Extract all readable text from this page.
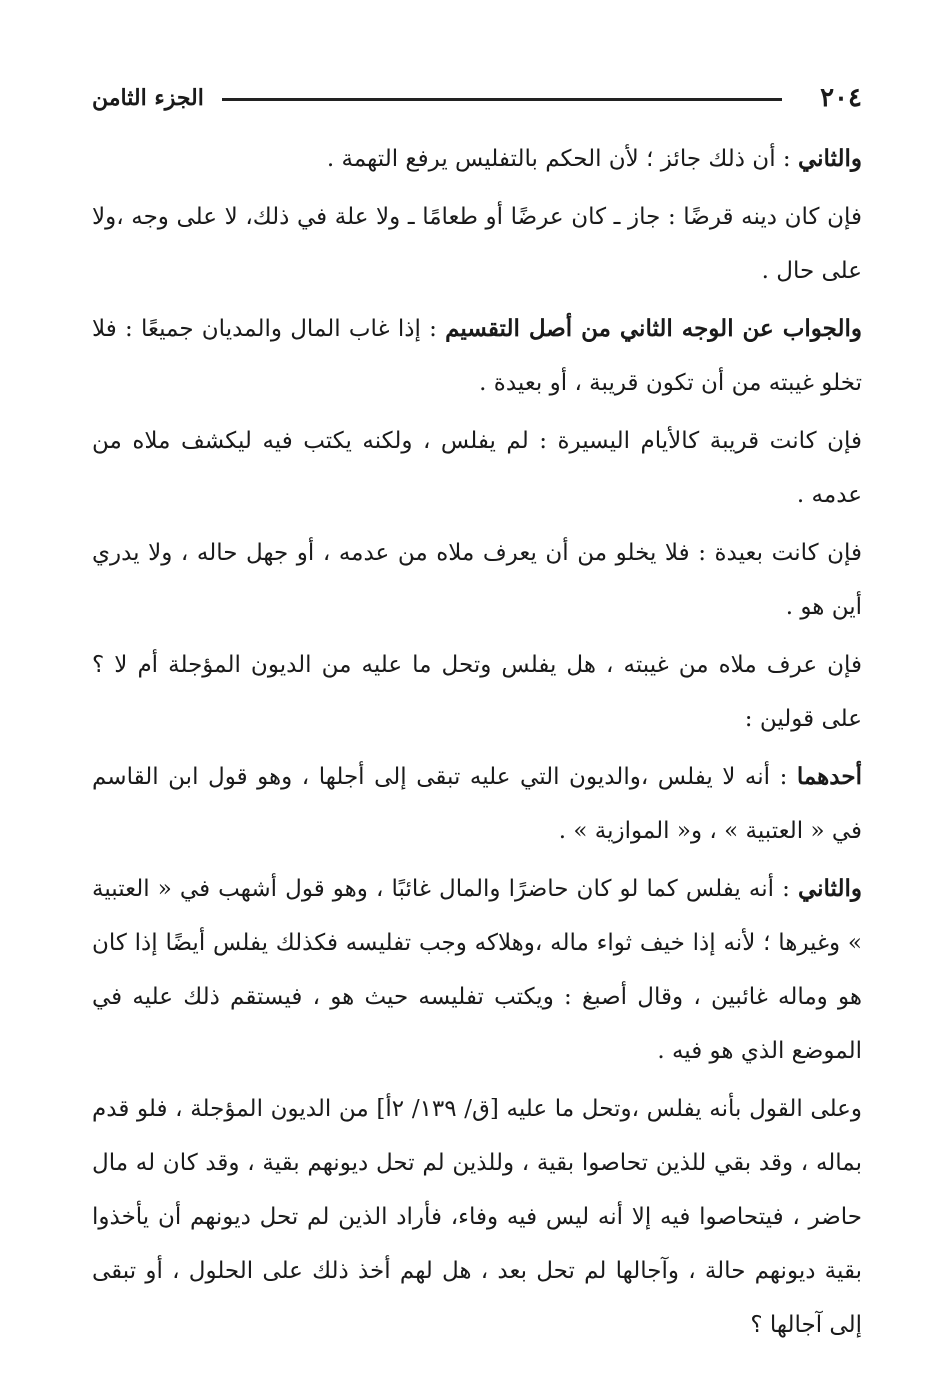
٢٠٤
الجزء الثامن

والثاني : أن ذلك جائز ؛ لأن الحكم بالتفليس يرفع التهمة .

فإن كان دينه قرضًا : جاز ـ كان عرضًا أو طعامًا ـ ولا علة في ذلك، لا على وجه ،ولا على حال .

والجواب عن الوجه الثاني من أصل التقسيم : إذا غاب المال والمديان جميعًا : فلا تخلو غيبته من أن تكون قريبة ، أو بعيدة .

فإن كانت قريبة كالأيام اليسيرة : لم يفلس ، ولكنه يكتب فيه ليكشف ملاه من عدمه .

فإن كانت بعيدة : فلا يخلو من أن يعرف ملاه من عدمه ، أو جهل حاله ، ولا يدري أين هو .

فإن عرف ملاه من غيبته ، هل يفلس وتحل ما عليه من الديون المؤجلة أم لا ؟ على قولين :

أحدهما : أنه لا يفلس ،والديون التي عليه تبقى إلى أجلها ، وهو قول ابن القاسم في « العتبية » ، و« الموازية » .

والثاني : أنه يفلس كما لو كان حاضرًا والمال غائبًا ، وهو قول أشهب في « العتبية » وغيرها ؛ لأنه إذا خيف ثواء ماله ،وهلاكه وجب تفليسه فكذلك يفلس أيضًا إذا كان هو وماله غائبين ، وقال أصبغ : ويكتب تفليسه حيث هو ، فيستقم ذلك عليه في الموضع الذي هو فيه .

وعلى القول بأنه يفلس ،وتحل ما عليه [ق/ ١٣٩/ ٢أ] من الديون المؤجلة ، فلو قدم بماله ، وقد بقي للذين تحاصوا بقية ، وللذين لم تحل ديونهم بقية ، وقد كان له مال حاضر ، فيتحاصوا فيه إلا أنه ليس فيه وفاء، فأراد الذين لم تحل ديونهم أن يأخذوا بقية ديونهم حالة ، وآجالها لم تحل بعد ، هل لهم أخذ ذلك على الحلول ، أو تبقى إلى آجالها ؟
